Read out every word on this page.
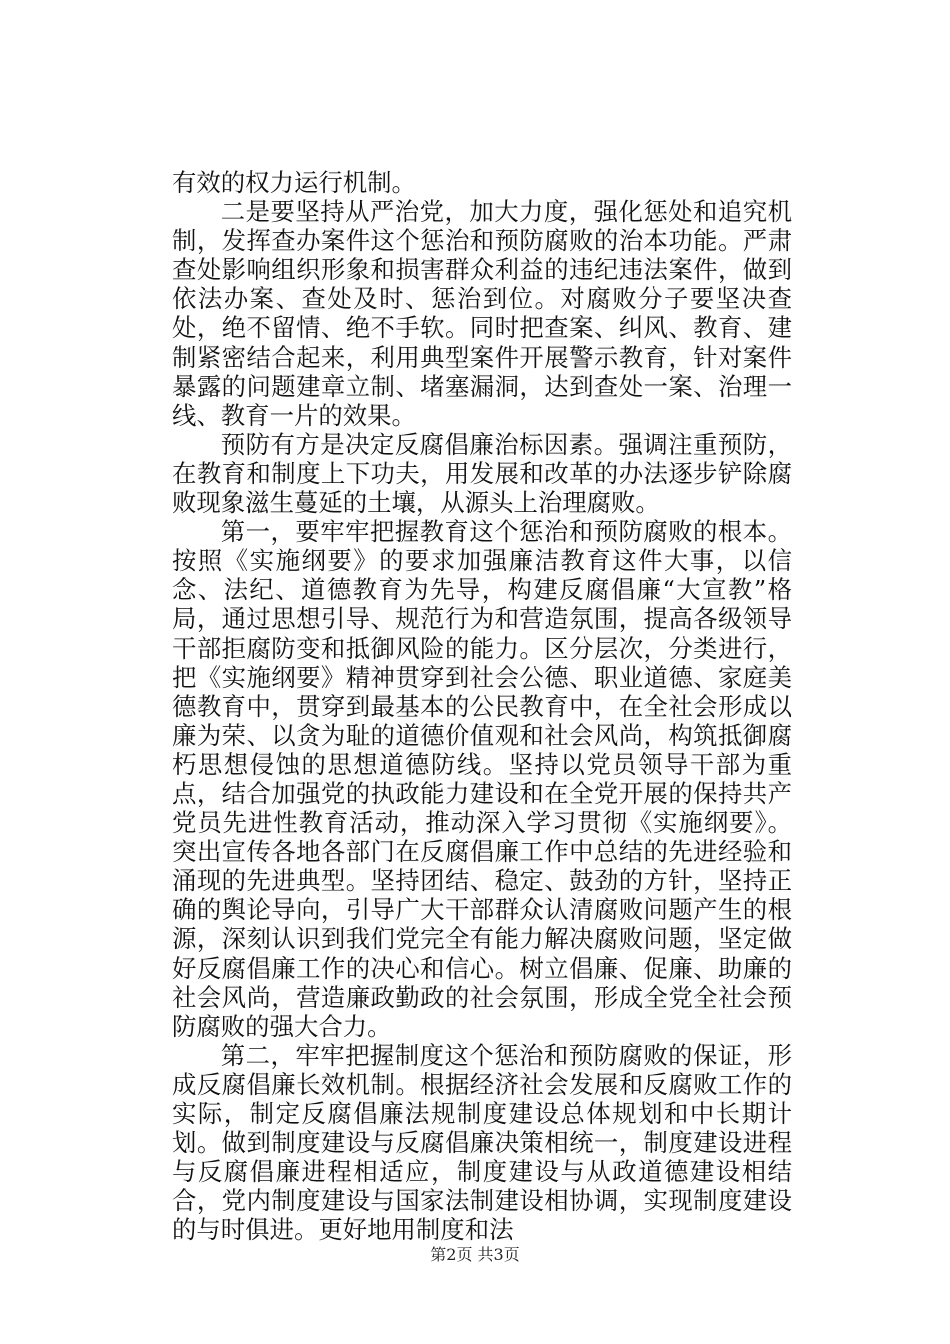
有效的权力运行机制。

二是要坚持从严治党，加大力度，强化惩处和追究机制，发挥查办案件这个惩治和预防腐败的治本功能。严肃查处影响组织形象和损害群众利益的违纪违法案件，做到依法办案、查处及时、惩治到位。对腐败分子要坚决查处，绝不留情、绝不手软。同时把查案、纠风、教育、建制紧密结合起来，利用典型案件开展警示教育，针对案件暴露的问题建章立制、堵塞漏洞，达到查处一案、治理一线、教育一片的效果。

预防有方是决定反腐倡廉治标因素。强调注重预防，在教育和制度上下功夫，用发展和改革的办法逐步铲除腐败现象滋生蔓延的土壤，从源头上治理腐败。

第一，要牢牢把握教育这个惩治和预防腐败的根本。按照《实施纲要》的要求加强廉洁教育这件大事，以信念、法纪、道德教育为先导，构建反腐倡廉“大宣教”格局，通过思想引导、规范行为和营造氛围，提高各级领导干部拒腐防变和抵御风险的能力。区分层次，分类进行，把《实施纲要》精神贯穿到社会公德、职业道德、家庭美德教育中，贯穿到最基本的公民教育中，在全社会形成以廉为荣、以贪为耻的道德价值观和社会风尚，构筑抵御腐朽思想侵蚀的思想道德防线。坚持以党员领导干部为重点，结合加强党的执政能力建设和在全党开展的保持共产党员先进性教育活动，推动深入学习贯彻《实施纲要》。突出宣传各地各部门在反腐倡廉工作中总结的先进经验和涌现的先进典型。坚持团结、稳定、鼓劲的方针，坚持正确的舆论导向，引导广大干部群众认清腐败问题产生的根源，深刻认识到我们党完全有能力解决腐败问题，坚定做好反腐倡廉工作的决心和信心。树立倡廉、促廉、助廉的社会风尚，营造廉政勤政的社会氛围，形成全党全社会预防腐败的强大合力。

第二，牢牢把握制度这个惩治和预防腐败的保证，形成反腐倡廉长效机制。根据经济社会发展和反腐败工作的实际，制定反腐倡廉法规制度建设总体规划和中长期计划。做到制度建设与反腐倡廉决策相统一，制度建设进程与反腐倡廉进程相适应，制度建设与从政道德建设相结合，党内制度建设与国家法制建设相协调，实现制度建设的与时俱进。更好地用制度和法

第2页 共3页
